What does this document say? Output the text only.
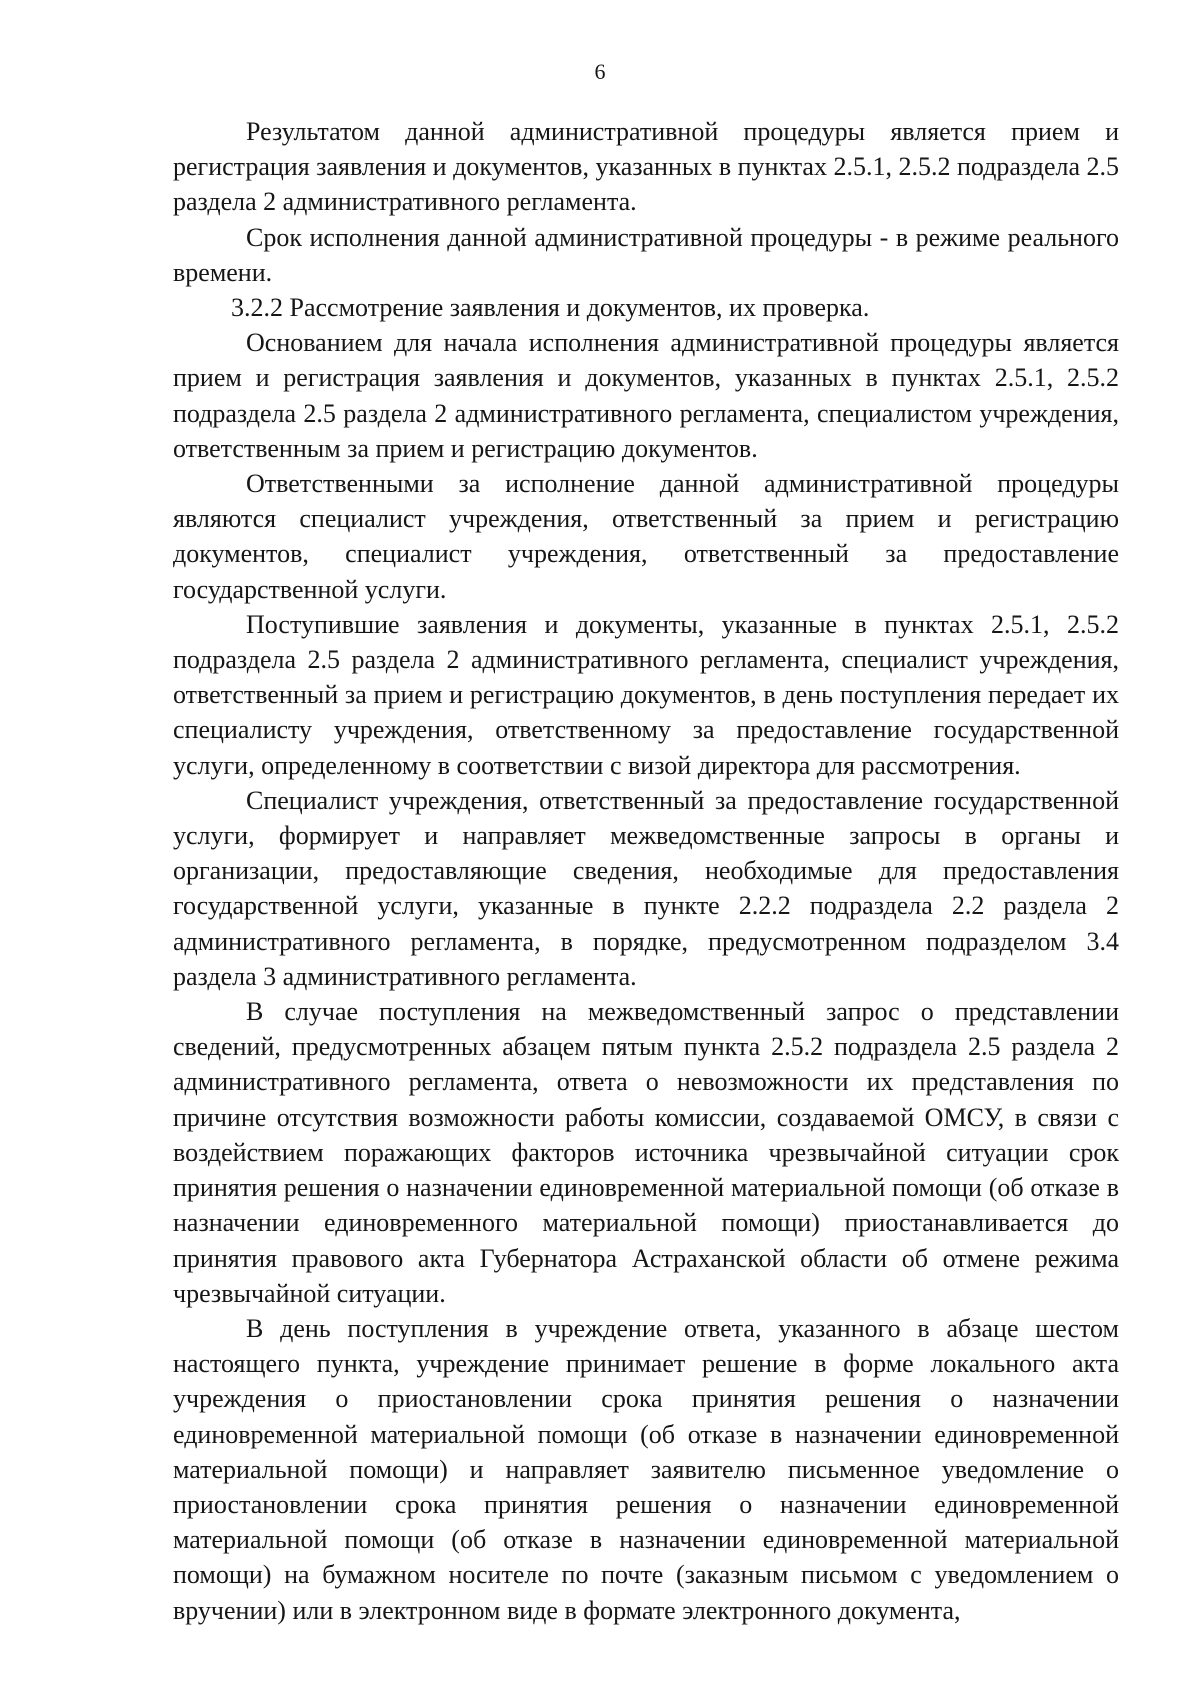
6

Результатом данной административной процедуры является прием и регистрация заявления и документов, указанных в пунктах 2.5.1, 2.5.2 подраздела 2.5 раздела 2 административного регламента.

Срок исполнения данной административной процедуры - в режиме реального времени.

3.2.2 Рассмотрение заявления и документов, их проверка.

Основанием для начала исполнения административной процедуры является прием и регистрация заявления и документов, указанных в пунктах 2.5.1, 2.5.2 подраздела 2.5 раздела 2 административного регламента, специалистом учреждения, ответственным за прием и регистрацию документов.

Ответственными за исполнение данной административной процедуры являются специалист учреждения, ответственный за прием и регистрацию документов, специалист учреждения, ответственный за предоставление государственной услуги.

Поступившие заявления и документы, указанные в пунктах 2.5.1, 2.5.2 подраздела 2.5 раздела 2 административного регламента, специалист учреждения, ответственный за прием и регистрацию документов, в день поступления передает их специалисту учреждения, ответственному за предоставление государственной услуги, определенному в соответствии с визой директора для рассмотрения.

Специалист учреждения, ответственный за предоставление государственной услуги, формирует и направляет межведомственные запросы в органы и организации, предоставляющие сведения, необходимые для предоставления государственной услуги, указанные в пункте 2.2.2 подраздела 2.2 раздела 2 административного регламента, в порядке, предусмотренном подразделом 3.4 раздела 3 административного регламента.

В случае поступления на межведомственный запрос о представлении сведений, предусмотренных абзацем пятым пункта 2.5.2 подраздела 2.5 раздела 2 административного регламента, ответа о невозможности их представления по причине отсутствия возможности работы комиссии, создаваемой ОМСУ, в связи с воздействием поражающих факторов источника чрезвычайной ситуации срок принятия решения о назначении единовременной материальной помощи (об отказе в назначении единовременного материальной помощи) приостанавливается до принятия правового акта Губернатора Астраханской области об отмене режима чрезвычайной ситуации.

В день поступления в учреждение ответа, указанного в абзаце шестом настоящего пункта, учреждение принимает решение в форме локального акта учреждения о приостановлении срока принятия решения о назначении единовременной материальной помощи (об отказе в назначении единовременной материальной помощи) и направляет заявителю письменное уведомление о приостановлении срока принятия решения о назначении единовременной материальной помощи (об отказе в назначении единовременной материальной помощи) на бумажном носителе по почте (заказным письмом с уведомлением о вручении) или в электронном виде в формате электронного документа,
